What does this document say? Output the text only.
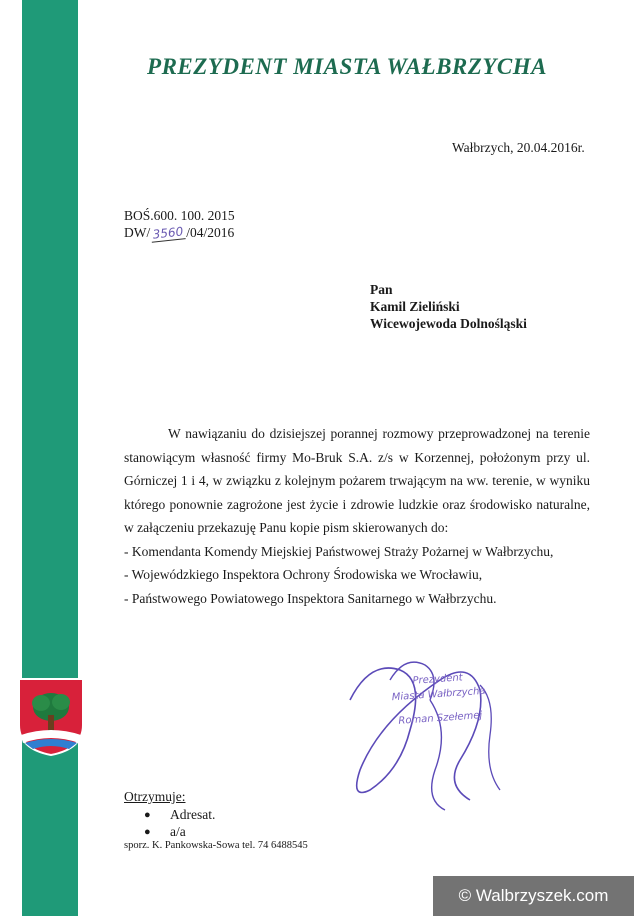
PREZYDENT MIASTA WAŁBRZYCHA
Wałbrzych, 20.04.2016r.
BOŚ.600. 100. 2015
DW/ 3560 /04/2016
Pan
Kamil Zieliński
Wicewojewoda Dolnośląski

W nawiązaniu do dzisiejszej porannej rozmowy przeprowadzonej na terenie stanowiącym własność firmy Mo-Bruk S.A. z/s w Korzennej, położonym przy ul. Górniczej 1 i 4, w związku z kolejnym pożarem trwającym na ww. terenie, w wyniku którego ponownie zagrożone jest życie i zdrowie ludzkie oraz środowisko naturalne, w załączeniu przekazuję Panu kopie pism skierowanych do:

- Komendanta Komendy Miejskiej Państwowej Straży Pożarnej w Wałbrzychu,

- Wojewódzkiego Inspektora Ochrony Środowiska we Wrocławiu,

- Państwowego Powiatowego Inspektora Sanitarnego w Wałbrzychu.

Prezydent
Miasta Wałbrzycha
Roman Szełemej
Otrzymuje:
●	Adresat.
●	a/a
sporz. K. Pankowska-Sowa tel. 74 6488545
© Walbrzyszek.com
